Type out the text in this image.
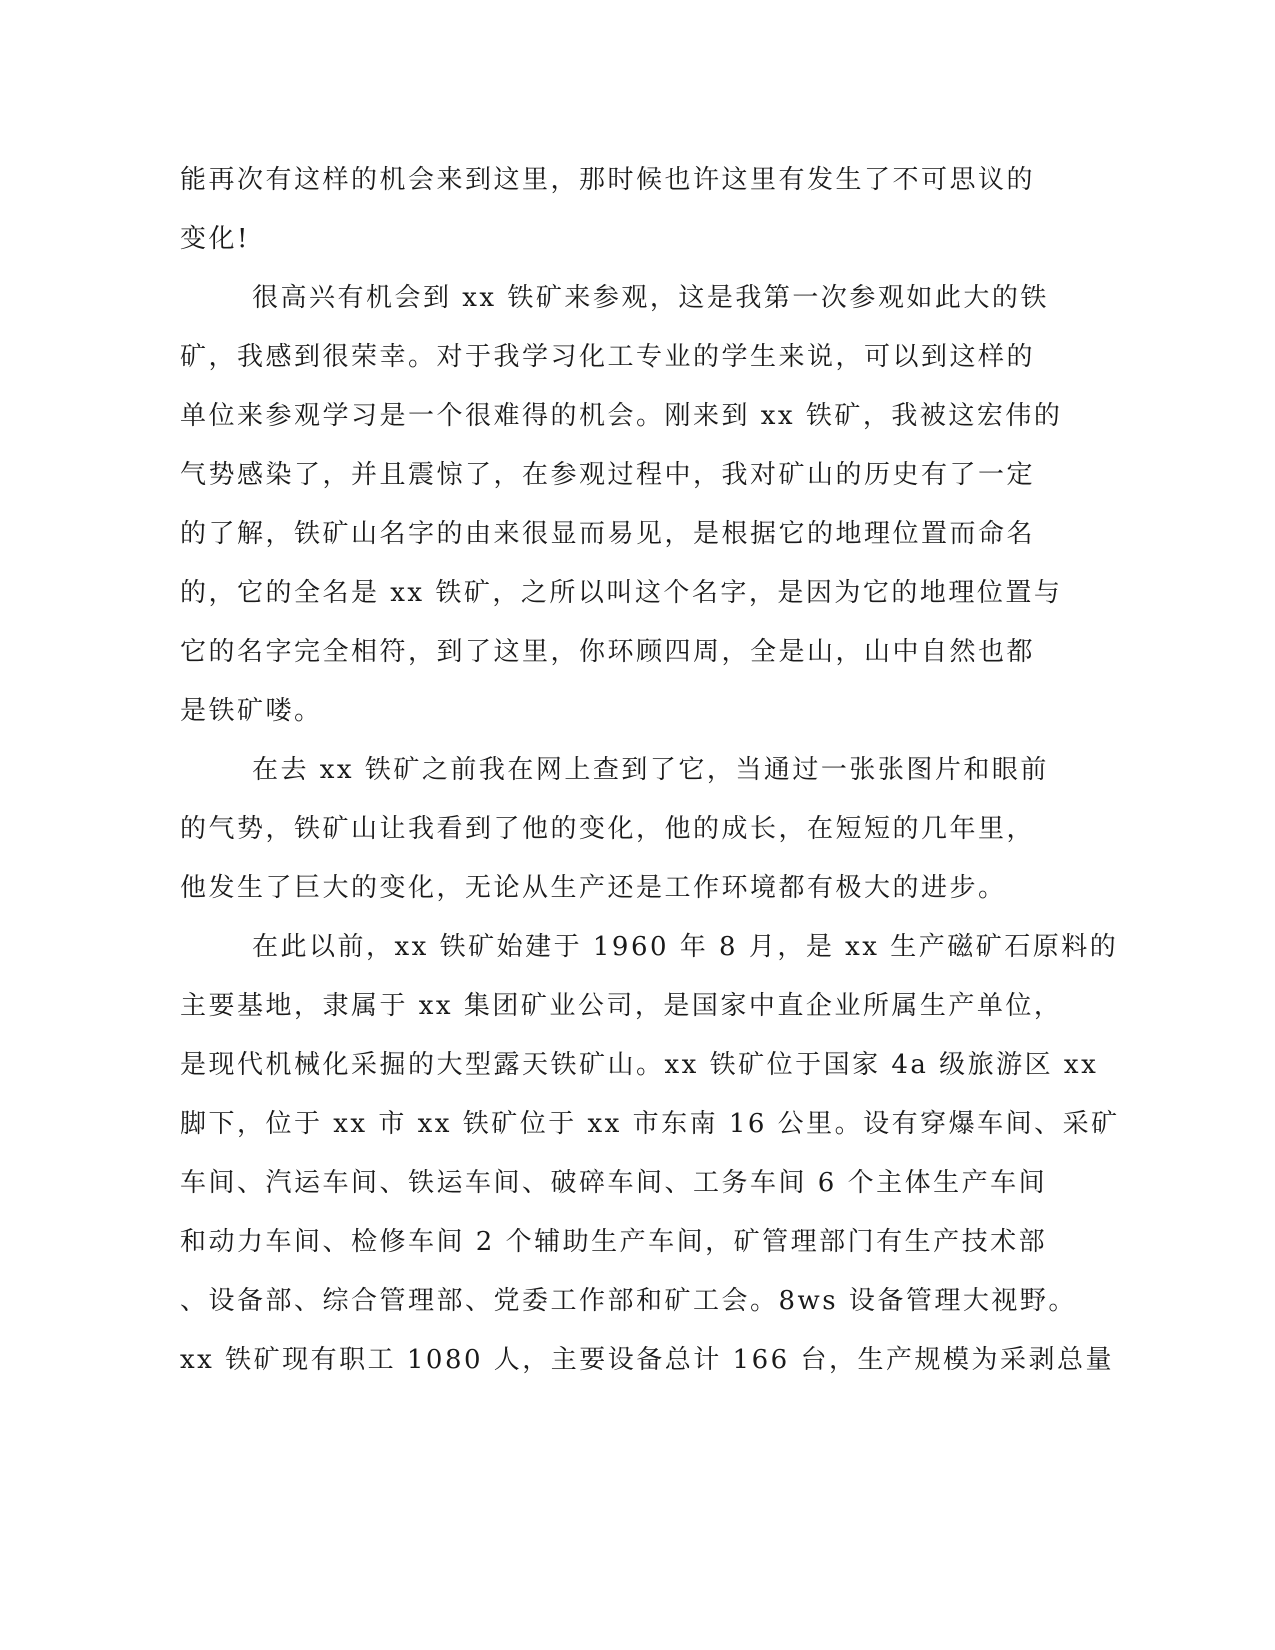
能再次有这样的机会来到这里，那时候也许这里有发生了不可思议的
变化!
很高兴有机会到 xx 铁矿来参观，这是我第一次参观如此大的铁
矿，我感到很荣幸。对于我学习化工专业的学生来说，可以到这样的
单位来参观学习是一个很难得的机会。刚来到 xx 铁矿，我被这宏伟的
气势感染了，并且震惊了，在参观过程中，我对矿山的历史有了一定
的了解，铁矿山名字的由来很显而易见，是根据它的地理位置而命名
的，它的全名是 xx 铁矿，之所以叫这个名字，是因为它的地理位置与
它的名字完全相符，到了这里，你环顾四周，全是山，山中自然也都
是铁矿喽。
在去 xx 铁矿之前我在网上查到了它，当通过一张张图片和眼前
的气势，铁矿山让我看到了他的变化，他的成长，在短短的几年里，
他发生了巨大的变化，无论从生产还是工作环境都有极大的进步。
在此以前，xx 铁矿始建于 1960 年 8 月，是 xx 生产磁矿石原料的
主要基地，隶属于 xx 集团矿业公司，是国家中直企业所属生产单位，
是现代机械化采掘的大型露天铁矿山。xx 铁矿位于国家 4a 级旅游区 xx
脚下，位于 xx 市 xx 铁矿位于 xx 市东南 16 公里。设有穿爆车间、采矿
车间、汽运车间、铁运车间、破碎车间、工务车间 6 个主体生产车间
和动力车间、检修车间 2 个辅助生产车间，矿管理部门有生产技术部
、设备部、综合管理部、党委工作部和矿工会。8ws 设备管理大视野。
xx 铁矿现有职工 1080 人，主要设备总计 166 台，生产规模为采剥总量
